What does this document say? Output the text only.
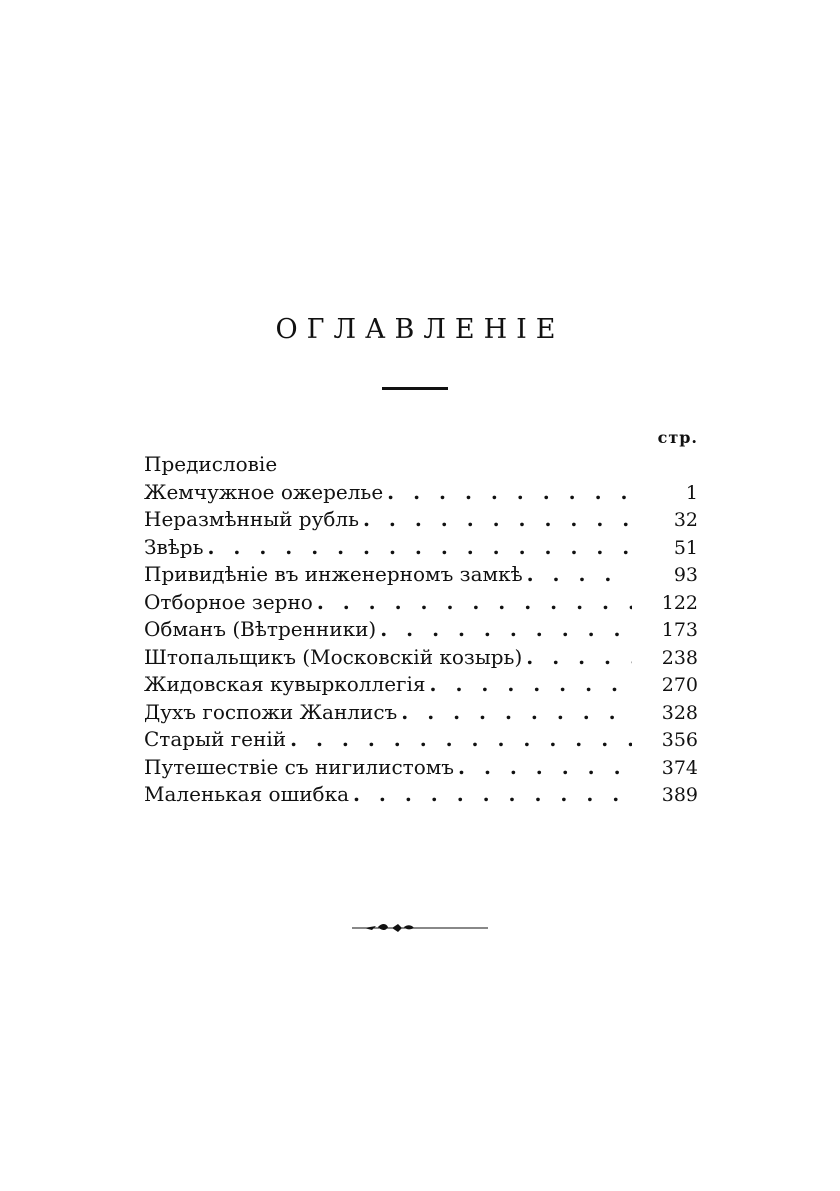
ОГЛАВЛЕНІЕ
стр.
Предисловіе
Жемчужное ожерелье . . .	1
Неразмѣнный рубль . . .	32
Звѣрь . . .	51
Привидѣніе въ инженерномъ замкѣ . . .	93
Отборное зерно . . .	122
Обманъ (Вѣтренники) . . .	173
Штопальщикъ (Московскій козырь) . . .	238
Жидовская кувырколлегія . . .	270
Духъ госпожи Жанлисъ . . .	328
Старый геній . . .	356
Путешествіе съ нигилистомъ . . .	374
Маленькая ошибка . . .	389
